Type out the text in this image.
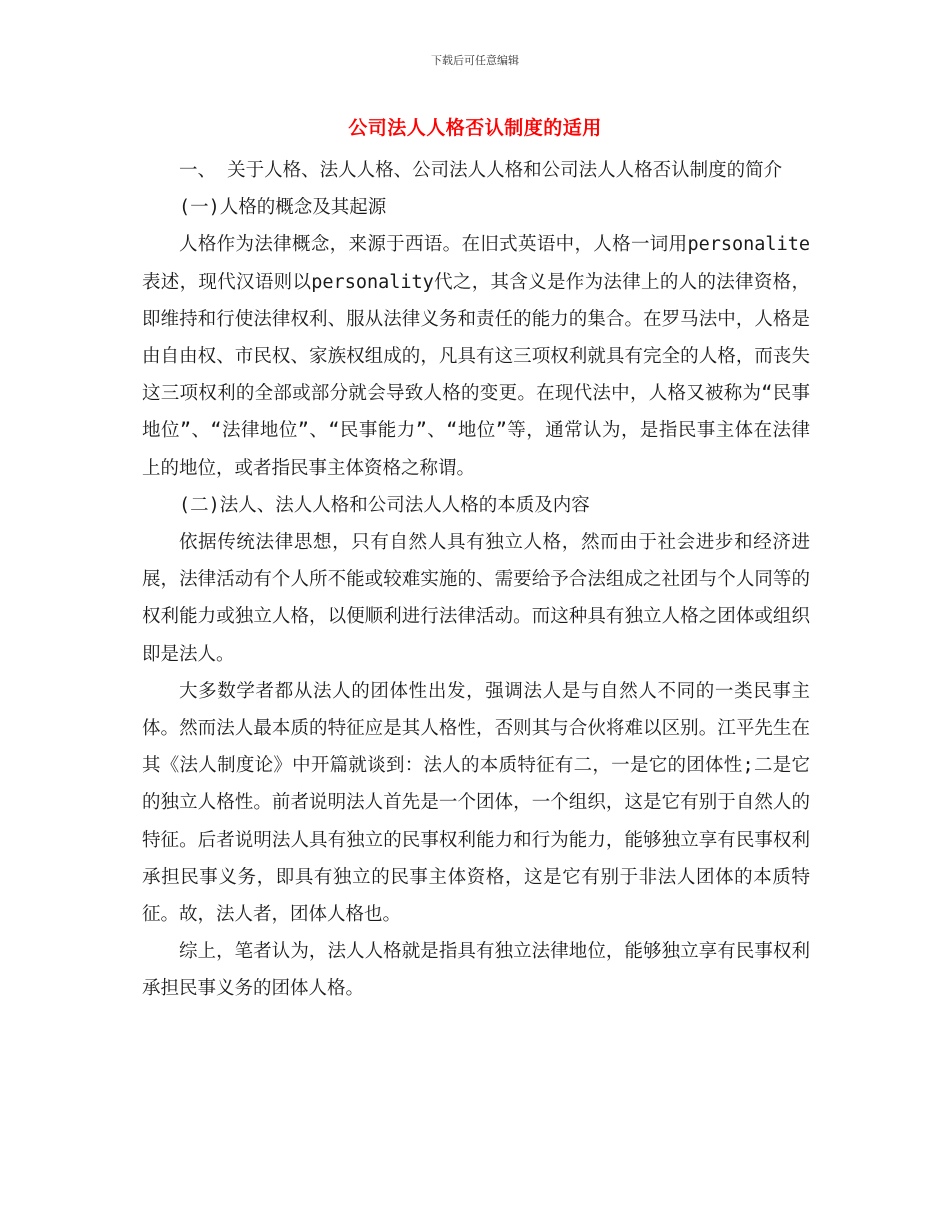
下载后可任意编辑
公司法人人格否认制度的适用

一、 关于人格、法人人格、公司法人人格和公司法人人格否认制度的简介

(一)人格的概念及其起源

人格作为法律概念，来源于西语。在旧式英语中，人格一词用personalite表述，现代汉语则以personality代之，其含义是作为法律上的人的法律资格，即维持和行使法律权利、服从法律义务和责任的能力的集合。在罗马法中，人格是由自由权、市民权、家族权组成的，凡具有这三项权利就具有完全的人格，而丧失这三项权利的全部或部分就会导致人格的变更。在现代法中，人格又被称为“民事地位”、“法律地位”、“民事能力”、“地位”等，通常认为，是指民事主体在法律上的地位，或者指民事主体资格之称谓。

(二)法人、法人人格和公司法人人格的本质及内容

依据传统法律思想，只有自然人具有独立人格，然而由于社会进步和经济进展，法律活动有个人所不能或较难实施的、需要给予合法组成之社团与个人同等的权利能力或独立人格，以便顺利进行法律活动。而这种具有独立人格之团体或组织即是法人。

大多数学者都从法人的团体性出发，强调法人是与自然人不同的一类民事主体。然而法人最本质的特征应是其人格性，否则其与合伙将难以区别。江平先生在其《法人制度论》中开篇就谈到：法人的本质特征有二，一是它的团体性;二是它的独立人格性。前者说明法人首先是一个团体，一个组织，这是它有别于自然人的特征。后者说明法人具有独立的民事权利能力和行为能力，能够独立享有民事权利承担民事义务，即具有独立的民事主体资格，这是它有别于非法人团体的本质特征。故，法人者，团体人格也。

综上，笔者认为，法人人格就是指具有独立法律地位，能够独立享有民事权利承担民事义务的团体人格。
